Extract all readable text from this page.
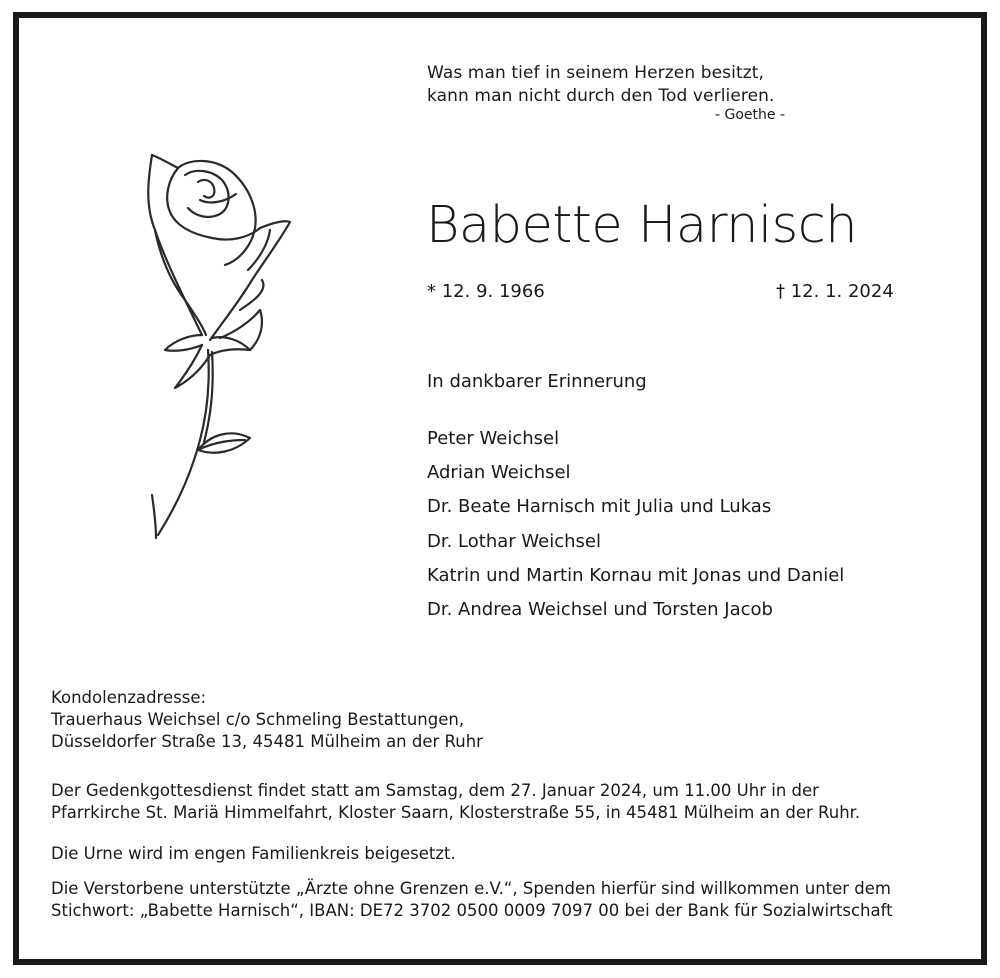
Was man tief in seinem Herzen besitzt,
kann man nicht durch den Tod verlieren.
- Goethe -
Babette Harnisch
* 12. 9. 1966	† 12. 1. 2024
In dankbarer Erinnerung
Peter Weichsel
Adrian Weichsel
Dr. Beate Harnisch mit Julia und Lukas
Dr. Lothar Weichsel
Katrin und Martin Kornau mit Jonas und Daniel
Dr. Andrea Weichsel und Torsten Jacob
Kondolenzadresse:
Trauerhaus Weichsel c/o Schmeling Bestattungen,
Düsseldorfer Straße 13, 45481 Mülheim an der Ruhr
Der Gedenkgottesdienst findet statt am Samstag, dem 27. Januar 2024, um 11.00 Uhr in der
Pfarrkirche St. Mariä Himmelfahrt, Kloster Saarn, Klosterstraße 55, in 45481 Mülheim an der Ruhr.
Die Urne wird im engen Familienkreis beigesetzt.
Die Verstorbene unterstützte „Ärzte ohne Grenzen e.V.“, Spenden hierfür sind willkommen unter dem
Stichwort: „Babette Harnisch“, IBAN: DE72 3702 0500 0009 7097 00 bei der Bank für Sozialwirtschaft
